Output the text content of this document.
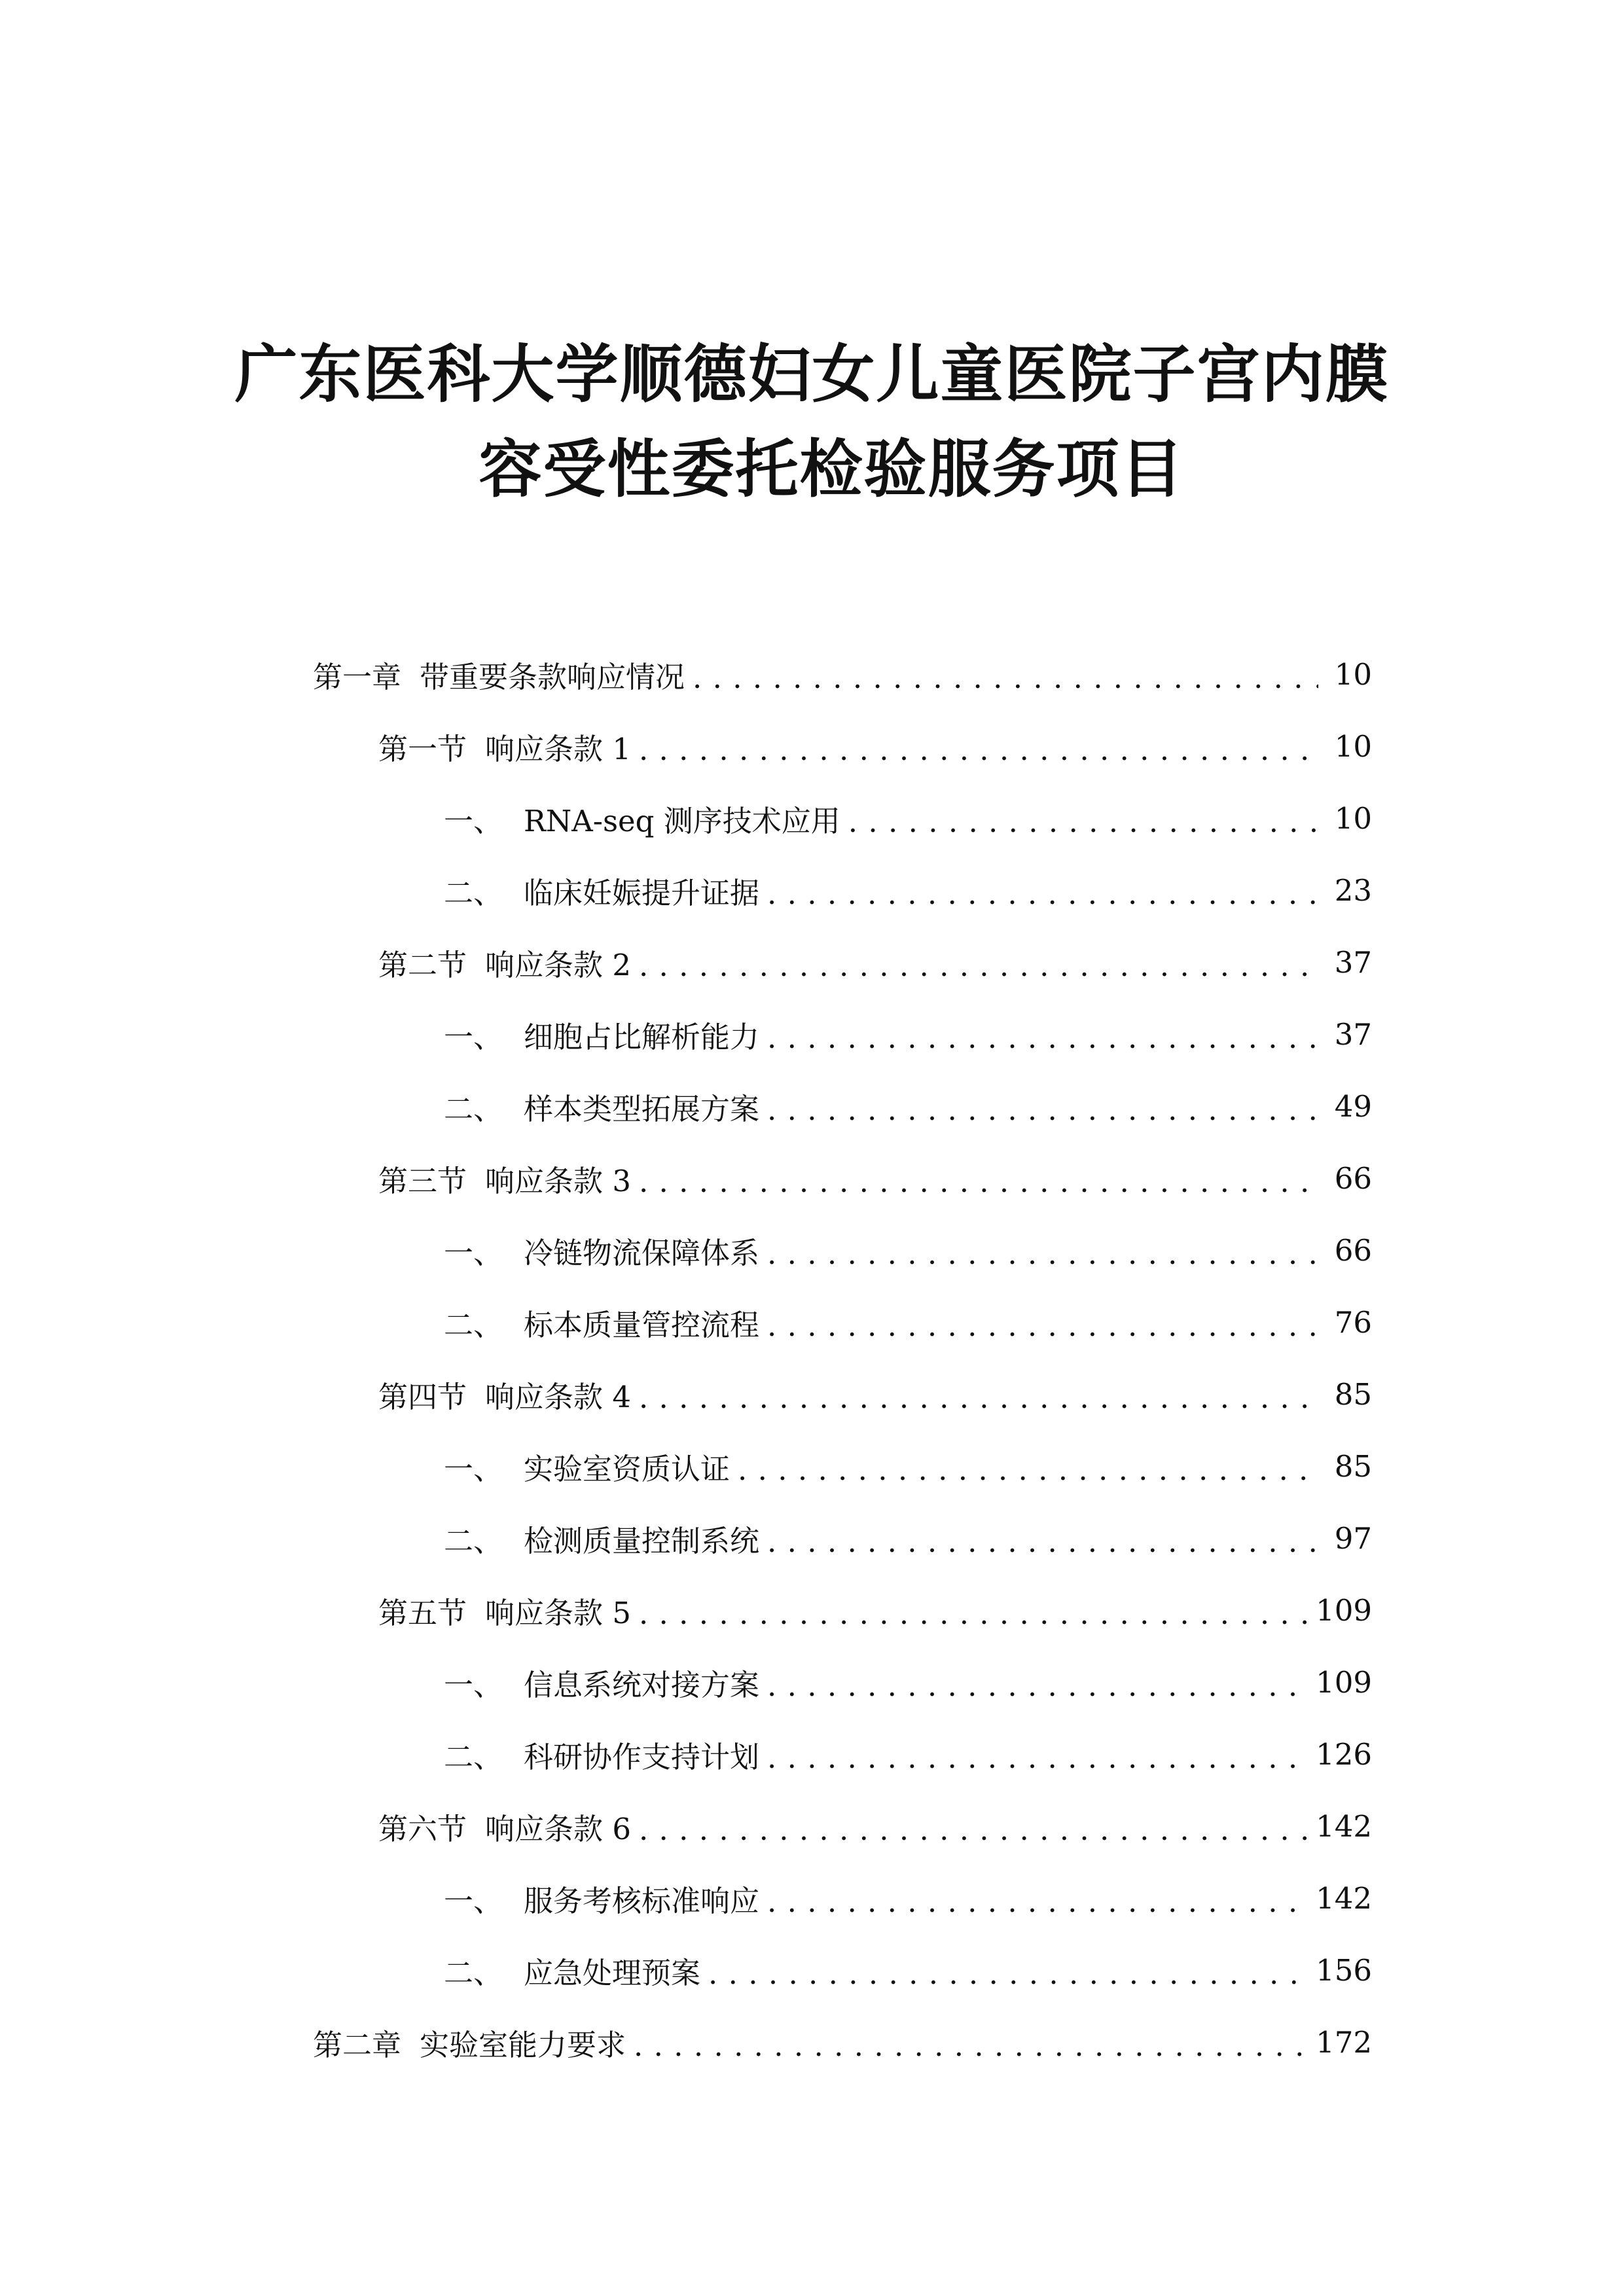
广东医科大学顺德妇女儿童医院子宫内膜
容受性委托检验服务项目
第一章 带重要条款响应情况 . . .	10
第一节 响应条款 1 . . .	10
一、 RNA-seq 测序技术应用 . . .	10
二、 临床妊娠提升证据 . . .	23
第二节 响应条款 2 . . .	37
一、 细胞占比解析能力 . . .	37
二、 样本类型拓展方案 . . .	49
第三节 响应条款 3 . . .	66
一、 冷链物流保障体系 . . .	66
二、 标本质量管控流程 . . .	76
第四节 响应条款 4 . . .	85
一、 实验室资质认证 . . .	85
二、 检测质量控制系统 . . .	97
第五节 响应条款 5 . . .	109
一、 信息系统对接方案 . . .	109
二、 科研协作支持计划 . . .	126
第六节 响应条款 6 . . .	142
一、 服务考核标准响应 . . .	142
二、 应急处理预案 . . .	156
第二章 实验室能力要求 . . .	172
